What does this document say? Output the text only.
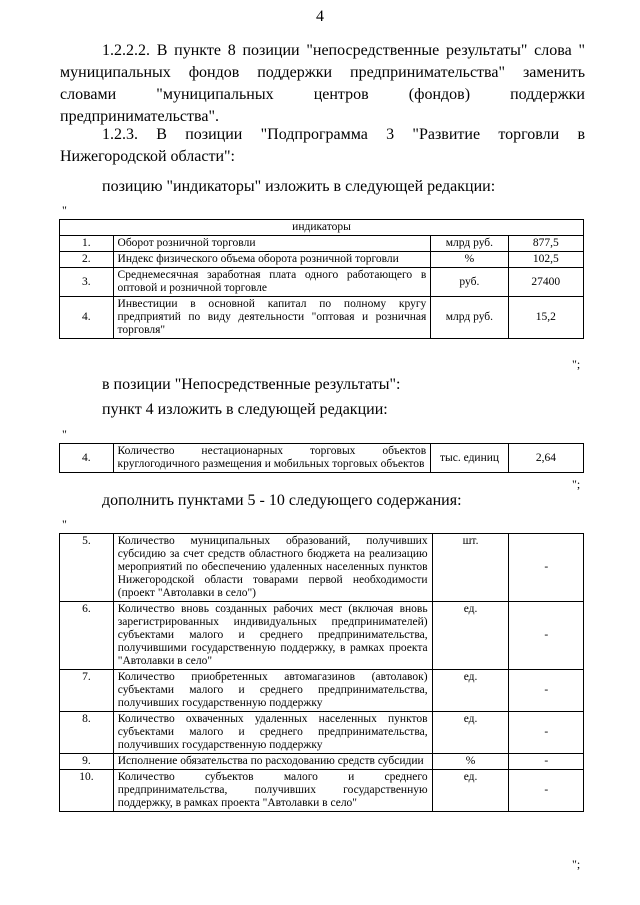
4

1.2.2.2. В пункте 8 позиции "непосредственные результаты" слова " муниципальных фондов поддержки предпринимательства" заменить словами "муниципальных центров (фондов) поддержки предпринимательства".

1.2.3. В позиции "Подпрограмма 3 "Развитие торговли в Нижегородской области":

позицию "индикаторы" изложить в следующей редакции:

"
индикаторы			
1.	Оборот розничной торговли	млрд руб.	877,5
2.	Индекс физического объема оборота розничной торговли	%	102,5
3.	Среднемесячная заработная плата одного работающего в оптовой и розничной торговле	руб.	27400
4.	Инвестиции в основной капитал по полному кругу предприятий по виду деятельности "оптовая и розничная торговля"	млрд руб.	15,2
";

в позиции "Непосредственные результаты":

пункт 4 изложить в следующей редакции:

"
4.	Количество нестационарных торговых объектов круглогодичного размещения и мобильных торговых объектов	тыс. единиц	2,64
";

дополнить пунктами 5 - 10 следующего содержания:

"
5.	Количество муниципальных образований, получивших субсидию за счет средств областного бюджета на реализацию мероприятий по обеспечению удаленных населенных пунктов Нижегородской области товарами первой необходимости (проект "Автолавки в село")	шт.	-
6.	Количество вновь созданных рабочих мест (включая вновь зарегистрированных индивидуальных предпринимателей) субъектами малого и среднего предпринимательства, получившими государственную поддержку, в рамках проекта "Автолавки в село"	ед.	-
7.	Количество приобретенных автомагазинов (автолавок) субъектами малого и среднего предпринимательства, получивших государственную поддержку	ед.	-
8.	Количество охваченных удаленных населенных пунктов субъектами малого и среднего предпринимательства, получивших государственную поддержку	ед.	-
9.	Исполнение обязательства по расходованию средств субсидии	%	-
10.	Количество субъектов малого и среднего предпринимательства, получивших государственную поддержку, в рамках проекта "Автолавки в село"	ед.	-
";
